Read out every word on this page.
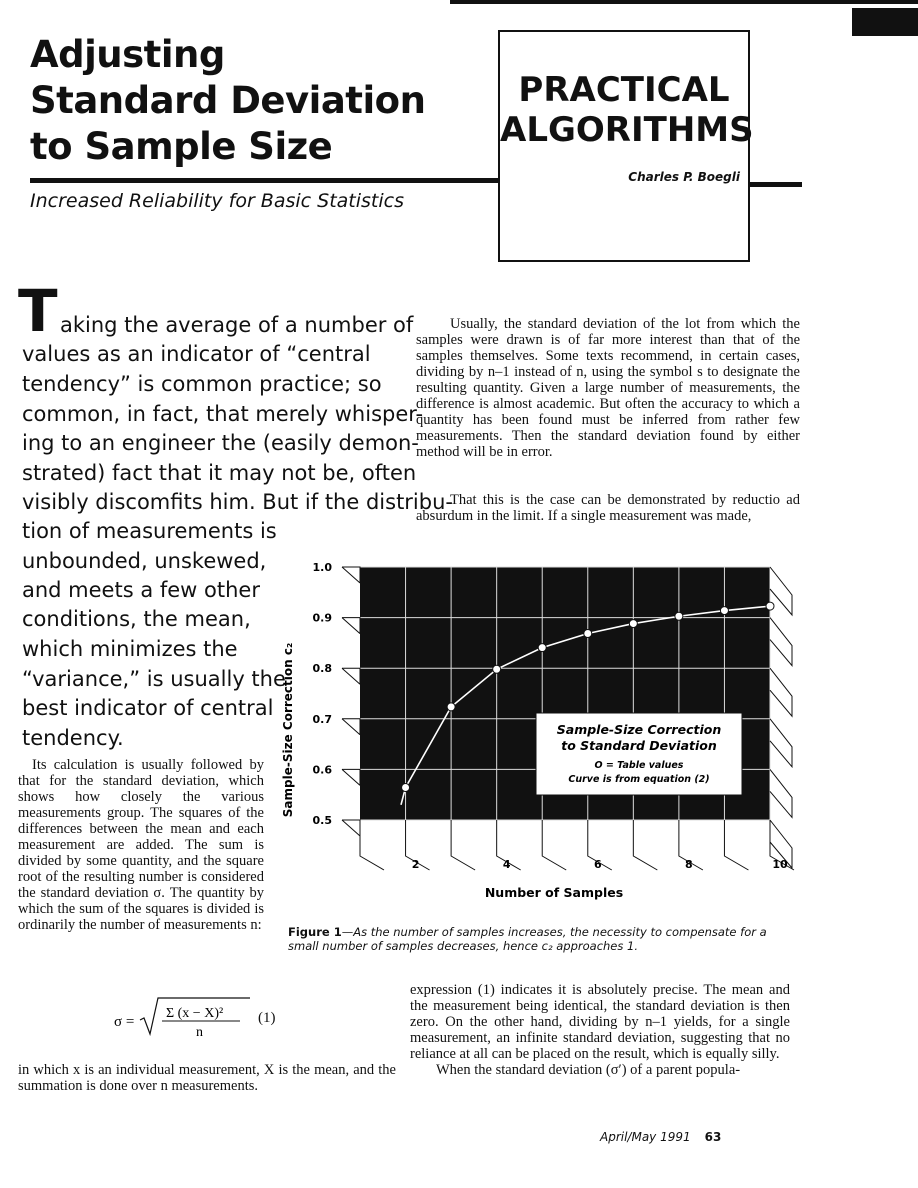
Adjusting
Standard Deviation
to Sample Size
Increased Reliability for Basic Statistics
PRACTICAL
ALGORITHMS
Charles P. Boegli
T aking the average of a number of
values as an indicator of “central
tendency” is common practice; so
common, in fact, that merely whisper-
ing to an engineer the (easily demon-
strated) fact that it may not be, often
visibly discomfits him. But if the distribu-
tion of measurements is
unbounded, unskewed,
and meets a few other
conditions, the mean,
which minimizes the
“variance,” is usually the
best indicator of central
tendency.

Its calculation is usually followed by that for the standard deviation, which shows how closely the various measurements group. The squares of the differences between the mean and each measurement are added. The sum is divided by some quantity, and the square root of the resulting number is considered the standard deviation σ. The quantity by which the sum of the squares is divided is ordinarily the number of measurements n:

σ =
Σ (x − X)²
n
(1)

in which x is an individual measurement, X is the mean, and the summation is done over n measurements.

Usually, the standard deviation of the lot from which the samples were drawn is of far more interest than that of the samples themselves. Some texts recommend, in certain cases, dividing by n–1 instead of n, using the symbol s to designate the resulting quantity. Given a large number of measurements, the difference is almost academic. But often the accuracy to which a quantity has been found must be inferred from rather few measurements. Then the standard deviation found by either method will be in error.

That this is the case can be demonstrated by reductio ad absurdum in the limit. If a single measurement was made,

expression (1) indicates it is absolutely precise. The mean and the measurement being identical, the standard deviation is then zero. On the other hand, dividing by n–1 yields, for a single measurement, an infinite standard deviation, suggesting that no reliance at all can be placed on the result, which is equally silly.

When the standard deviation (σ′) of a parent popula-

1.0
0.9
0.8
0.7
0.6
0.5
2	4	6	8	10
Sample-Size Correction c₂
Number of Samples
Sample-Size Correction
to Standard Deviation
O = Table values
Curve is from equation (2)
Figure 1—As the number of samples increases, the necessity to compensate for a small number of samples decreases, hence c₂ approaches 1.
April/May 1991 63
